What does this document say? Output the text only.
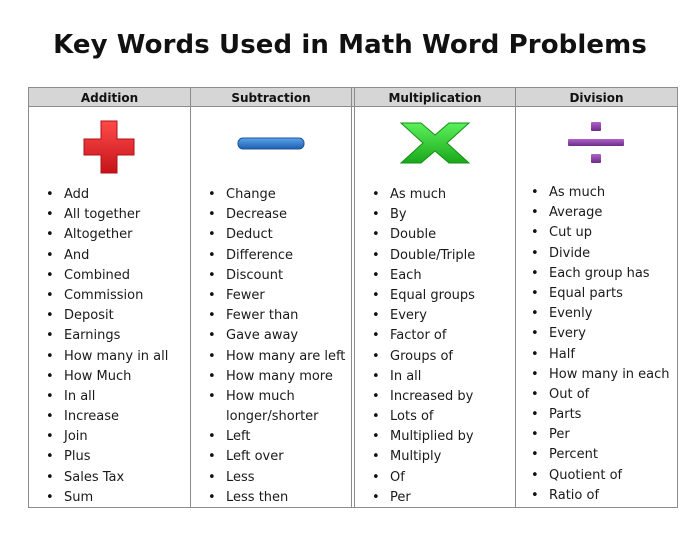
Key Words Used in Math Word Problems
Addition
• Add
• All together
• Altogether
• And
• Combined
• Commission
• Deposit
• Earnings
• How many in all
• How Much
• In all
• Increase
• Join
• Plus
• Sales Tax
• Sum
Subtraction
• Change
• Decrease
• Deduct
• Difference
• Discount
• Fewer
• Fewer than
• Gave away
• How many are left
• How many more
• How much
longer/shorter
• Left
• Left over
• Less
• Less then
Multiplication
• As much
• By
• Double
• Double/Triple
• Each
• Equal groups
• Every
• Factor of
• Groups of
• In all
• Increased by
• Lots of
• Multiplied by
• Multiply
• Of
• Per
Division
• As much
• Average
• Cut up
• Divide
• Each group has
• Equal parts
• Evenly
• Every
• Half
• How many in each
• Out of
• Parts
• Per
• Percent
• Quotient of
• Ratio of
